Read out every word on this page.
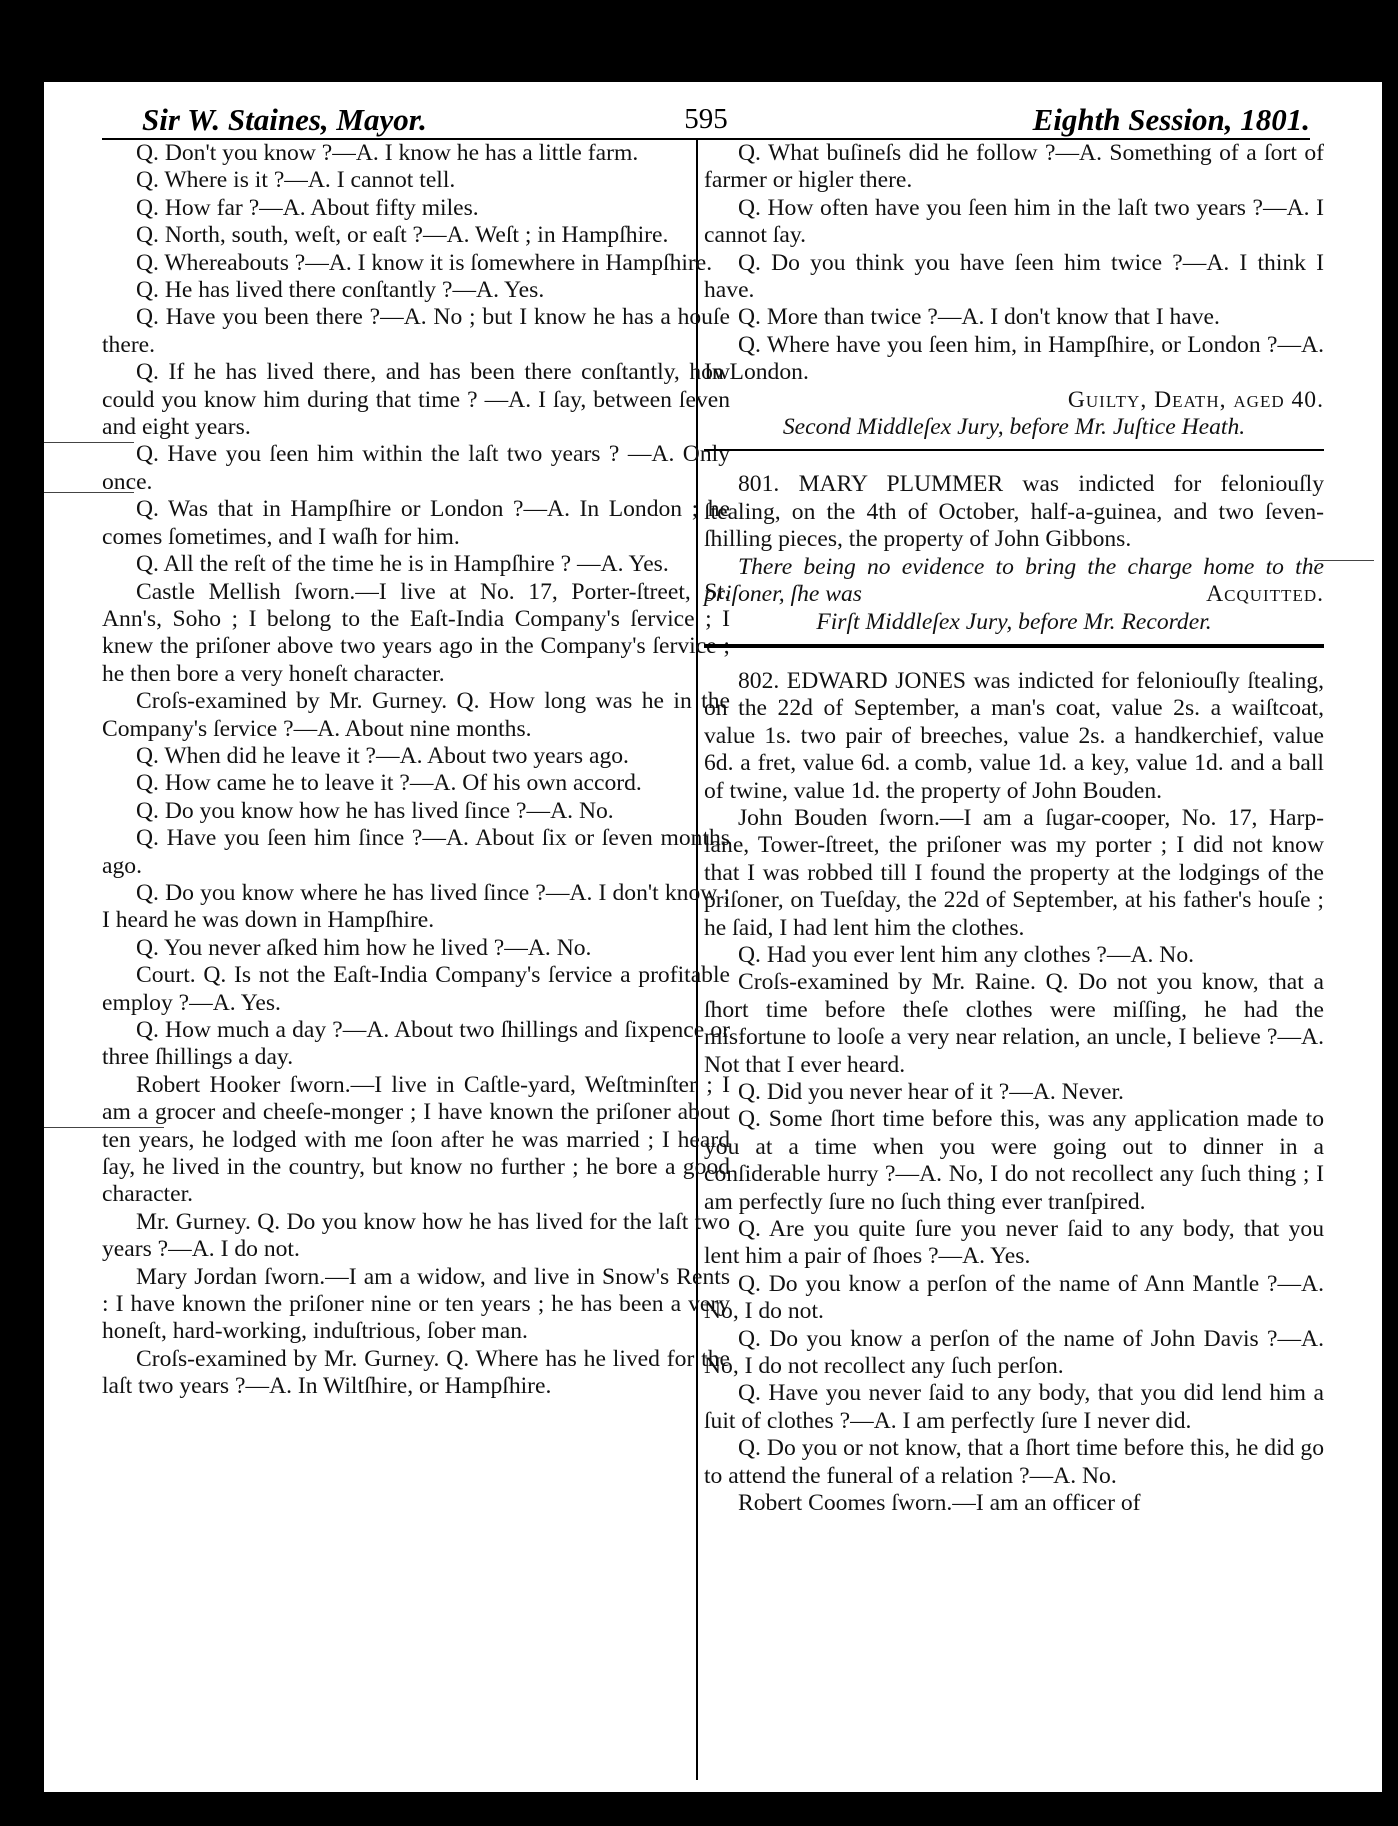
Sir W. Staines, Mayor.	595	Eighth Session, 1801.

Q. Don't you know ?—A. I know he has a little farm.

Q. Where is it ?—A. I cannot tell.

Q. How far ?—A. About fifty miles.

Q. North, south, weſt, or eaſt ?—A. Weſt ; in Hampſhire.

Q. Whereabouts ?—A. I know it is ſomewhere in Hampſhire.

Q. He has lived there conſtantly ?—A. Yes.

Q. Have you been there ?—A. No ; but I know he has a houſe there.

Q. If he has lived there, and has been there conſtantly, how could you know him during that time ? —A. I ſay, between ſeven and eight years.

Q. Have you ſeen him within the laſt two years ? —A. Only once.

Q. Was that in Hampſhire or London ?—A. In London ; he comes ſometimes, and I waſh for him.

Q. All the reſt of the time he is in Hampſhire ? —A. Yes.

Castle Mellish ſworn.—I live at No. 17, Porter-ſtreet, St. Ann's, Soho ; I belong to the Eaſt-India Company's ſervice ; I knew the priſoner above two years ago in the Company's ſervice ; he then bore a very honeſt character.

Croſs-examined by Mr. Gurney. Q. How long was he in the Company's ſervice ?—A. About nine months.

Q. When did he leave it ?—A. About two years ago.

Q. How came he to leave it ?—A. Of his own accord.

Q. Do you know how he has lived ſince ?—A. No.

Q. Have you ſeen him ſince ?—A. About ſix or ſeven months ago.

Q. Do you know where he has lived ſince ?—A. I don't know ; I heard he was down in Hampſhire.

Q. You never aſked him how he lived ?—A. No.

Court. Q. Is not the Eaſt-India Company's ſervice a profitable employ ?—A. Yes.

Q. How much a day ?—A. About two ſhillings and ſixpence or three ſhillings a day.

Robert Hooker ſworn.—I live in Caſtle-yard, Weſtminſter ; I am a grocer and cheeſe-monger ; I have known the priſoner about ten years, he lodged with me ſoon after he was married ; I heard ſay, he lived in the country, but know no further ; he bore a good character.

Mr. Gurney. Q. Do you know how he has lived for the laſt two years ?—A. I do not.

Mary Jordan ſworn.—I am a widow, and live in Snow's Rents : I have known the priſoner nine or ten years ; he has been a very honeſt, hard-working, induſtrious, ſober man.

Croſs-examined by Mr. Gurney. Q. Where has he lived for the laſt two years ?—A. In Wiltſhire, or Hampſhire.

Q. What buſineſs did he follow ?—A. Something of a ſort of farmer or higler there.

Q. How often have you ſeen him in the laſt two years ?—A. I cannot ſay.

Q. Do you think you have ſeen him twice ?—A. I think I have.

Q. More than twice ?—A. I don't know that I have.

Q. Where have you ſeen him, in Hampſhire, or London ?—A. In London.

Guilty, Death, aged 40.

Second Middleſex Jury, before Mr. Juſtice Heath.

801. MARY PLUMMER was indicted for feloniouſly ſtealing, on the 4th of October, half-a-guinea, and two ſeven-ſhilling pieces, the property of John Gibbons.

There being no evidence to bring the charge home to the priſoner, ſhe was	Acquitted.

Firſt Middleſex Jury, before Mr. Recorder.

802. EDWARD JONES was indicted for feloniouſly ſtealing, on the 22d of September, a man's coat, value 2s. a waiſtcoat, value 1s. two pair of breeches, value 2s. a handkerchief, value 6d. a fret, value 6d. a comb, value 1d. a key, value 1d. and a ball of twine, value 1d. the property of John Bouden.

John Bouden ſworn.—I am a ſugar-cooper, No. 17, Harp-lane, Tower-ſtreet, the priſoner was my porter ; I did not know that I was robbed till I found the property at the lodgings of the priſoner, on Tueſday, the 22d of September, at his father's houſe ; he ſaid, I had lent him the clothes.

Q. Had you ever lent him any clothes ?—A. No.

Croſs-examined by Mr. Raine. Q. Do not you know, that a ſhort time before theſe clothes were miſſing, he had the misfortune to looſe a very near relation, an uncle, I believe ?—A. Not that I ever heard.

Q. Did you never hear of it ?—A. Never.

Q. Some ſhort time before this, was any application made to you at a time when you were going out to dinner in a conſiderable hurry ?—A. No, I do not recollect any ſuch thing ; I am perfectly ſure no ſuch thing ever tranſpired.

Q. Are you quite ſure you never ſaid to any body, that you lent him a pair of ſhoes ?—A. Yes.

Q. Do you know a perſon of the name of Ann Mantle ?—A. No, I do not.

Q. Do you know a perſon of the name of John Davis ?—A. No, I do not recollect any ſuch perſon.

Q. Have you never ſaid to any body, that you did lend him a ſuit of clothes ?—A. I am perfectly ſure I never did.

Q. Do you or not know, that a ſhort time before this, he did go to attend the funeral of a relation ?—A. No.

Robert Coomes ſworn.—I am an officer of
